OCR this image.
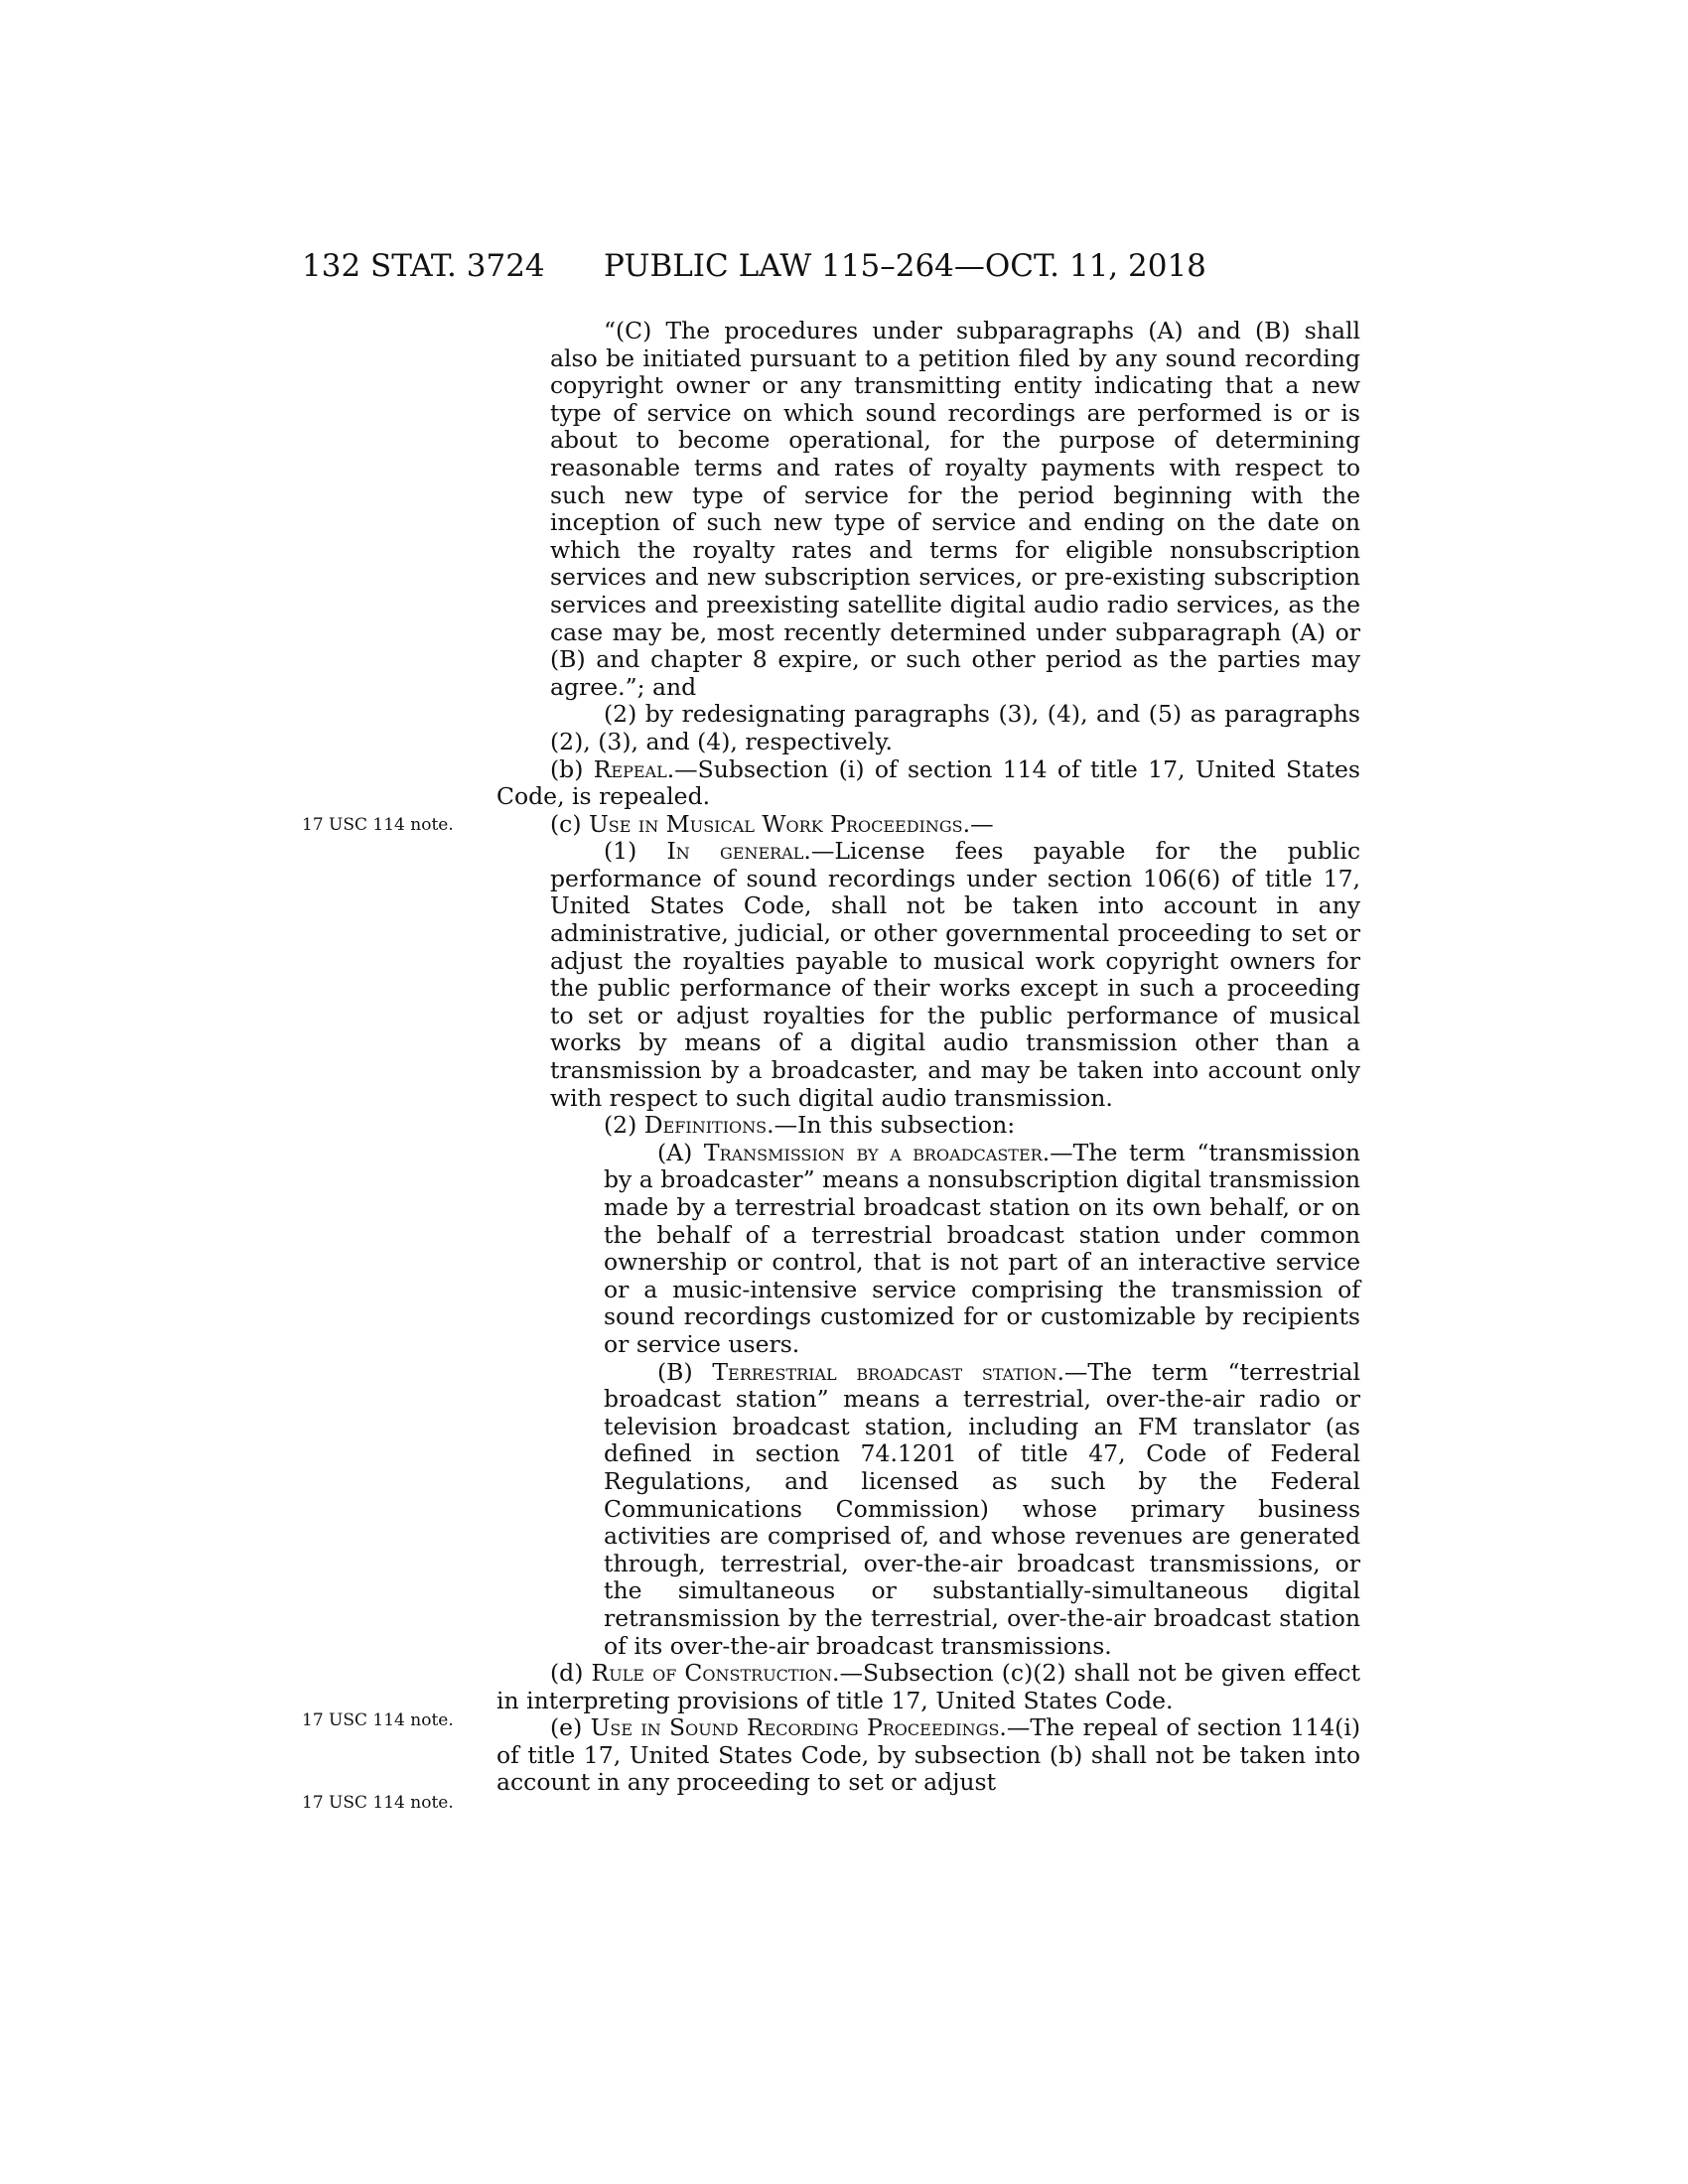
132 STAT. 3724 PUBLIC LAW 115–264—OCT. 11, 2018
17 USC 114 note.
17 USC 114 note.
17 USC 114 note.

“(C) The procedures under subparagraphs (A) and (B) shall also be initiated pursuant to a petition filed by any sound recording copyright owner or any transmitting entity indicating that a new type of service on which sound recordings are performed is or is about to become operational, for the purpose of determining reasonable terms and rates of royalty payments with respect to such new type of service for the period beginning with the inception of such new type of service and ending on the date on which the royalty rates and terms for eligible nonsubscription services and new subscription services, or pre-existing subscription services and preexisting satellite digital audio radio services, as the case may be, most recently determined under subparagraph (A) or (B) and chapter 8 expire, or such other period as the parties may agree.”; and

(2) by redesignating paragraphs (3), (4), and (5) as paragraphs (2), (3), and (4), respectively.

(b) Repeal.—Subsection (i) of section 114 of title 17, United States Code, is repealed.

(c) Use in Musical Work Proceedings.—

(1) In general.—License fees payable for the public performance of sound recordings under section 106(6) of title 17, United States Code, shall not be taken into account in any administrative, judicial, or other governmental proceeding to set or adjust the royalties payable to musical work copyright owners for the public performance of their works except in such a proceeding to set or adjust royalties for the public performance of musical works by means of a digital audio transmission other than a transmission by a broadcaster, and may be taken into account only with respect to such digital audio transmission.

(2) Definitions.—In this subsection:

(A) Transmission by a broadcaster.—The term “transmission by a broadcaster” means a nonsubscription digital transmission made by a terrestrial broadcast station on its own behalf, or on the behalf of a terrestrial broadcast station under common ownership or control, that is not part of an interactive service or a music-intensive service comprising the transmission of sound recordings customized for or customizable by recipients or service users.

(B) Terrestrial broadcast station.—The term “terrestrial broadcast station” means a terrestrial, over-the-air radio or television broadcast station, including an FM translator (as defined in section 74.1201 of title 47, Code of Federal Regulations, and licensed as such by the Federal Communications Commission) whose primary business activities are comprised of, and whose revenues are generated through, terrestrial, over-the-air broadcast transmissions, or the simultaneous or substantially-simultaneous digital retransmission by the terrestrial, over-the-air broadcast station of its over-the-air broadcast transmissions.

(d) Rule of Construction.—Subsection (c)(2) shall not be given effect in interpreting provisions of title 17, United States Code.

(e) Use in Sound Recording Proceedings.—The repeal of section 114(i) of title 17, United States Code, by subsection (b) shall not be taken into account in any proceeding to set or adjust
